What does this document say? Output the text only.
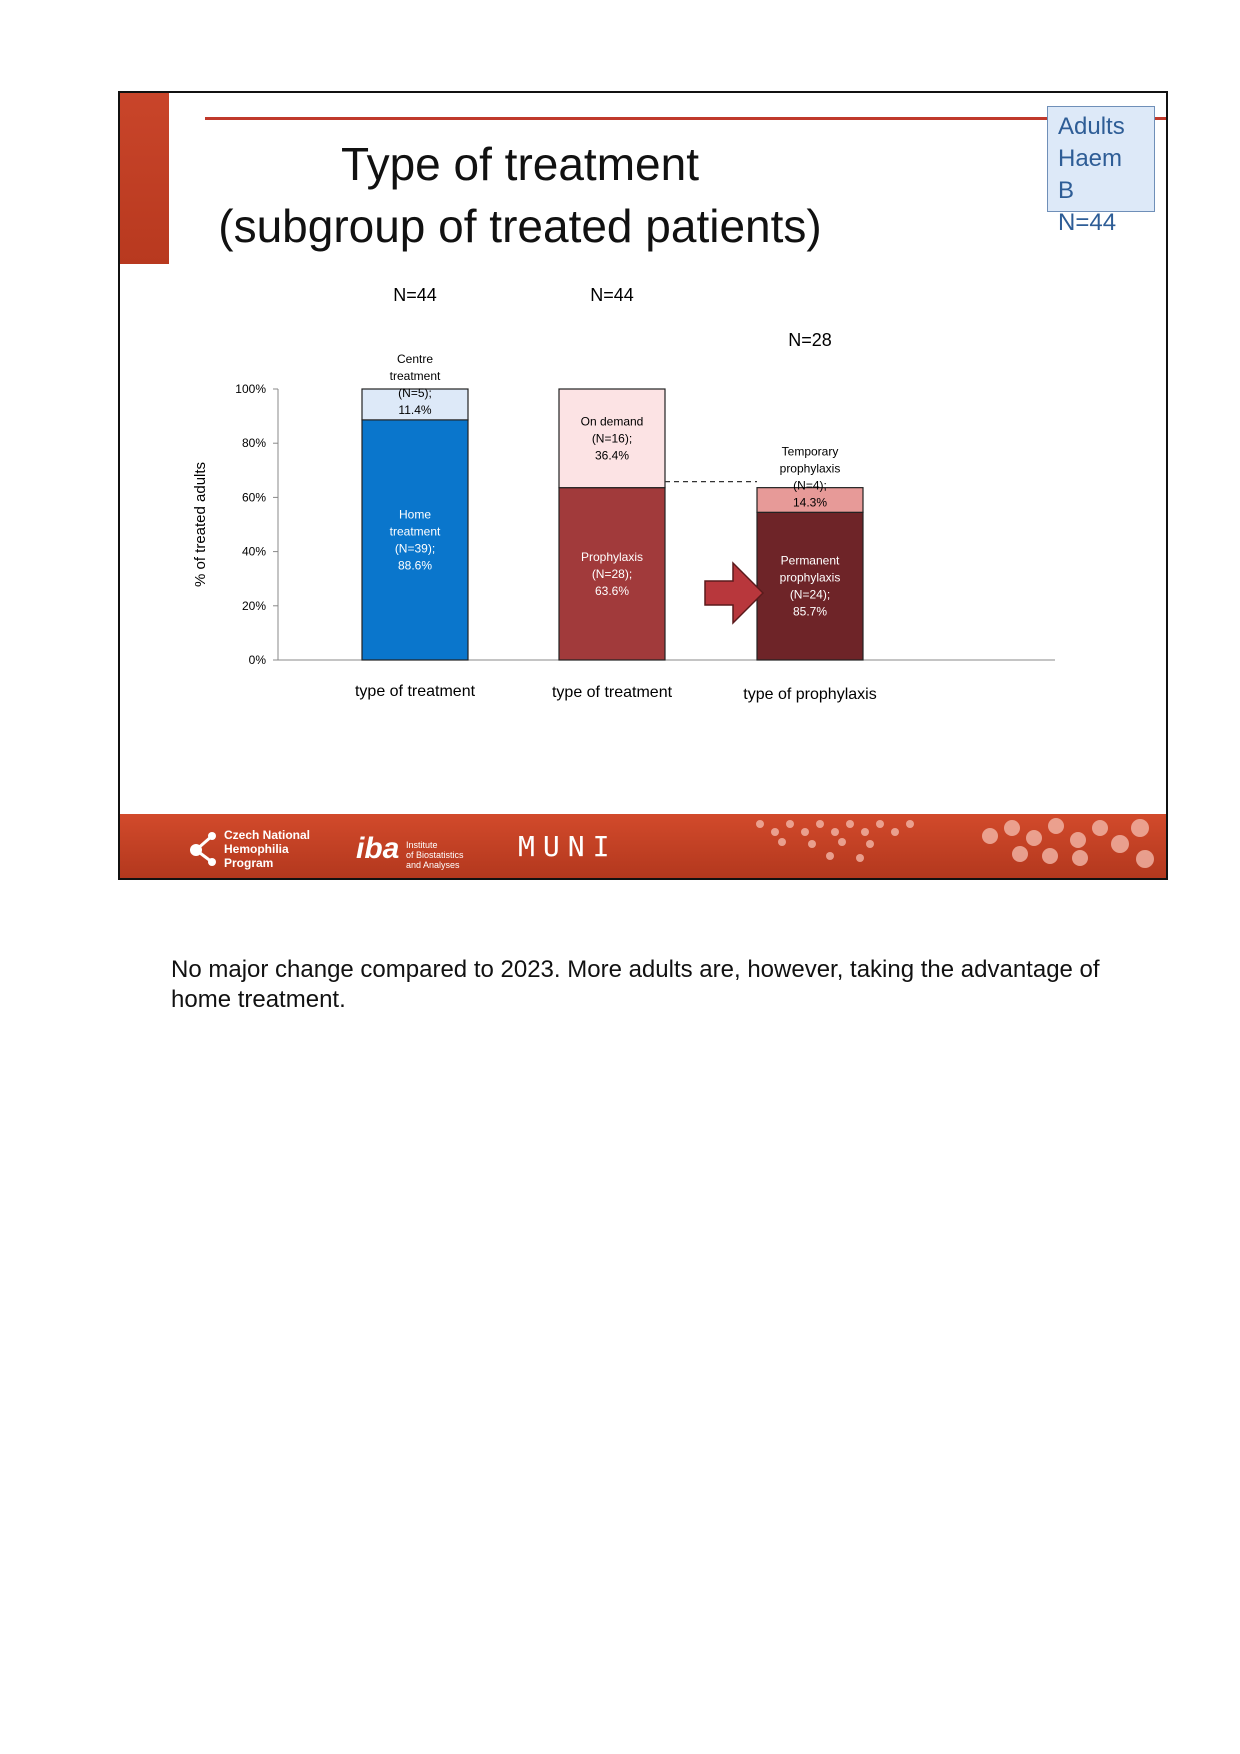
Type of treatment
(subgroup of treated patients)
Adults
Haem B
N=44
0%
20%
40%
60%
80%
100%
% of treated adults	Home
treatment
(N=39);
88.6%
Centre
treatment
(N=5);
11.4%
N=44
type of treatment
Prophylaxis
(N=28);
63.6%
On demand
(N=16);
36.4%
N=44
type of treatment
Permanent
prophylaxis
(N=24);
85.7%
Temporary
prophylaxis
(N=4);
14.3%
N=28
type of prophylaxis
Czech National
Hemophilia
Program	iba Institute
of Biostatistics
and Analyses
MUNI
No major change compared to 2023. More adults are, however, taking the advantage of home treatment.
